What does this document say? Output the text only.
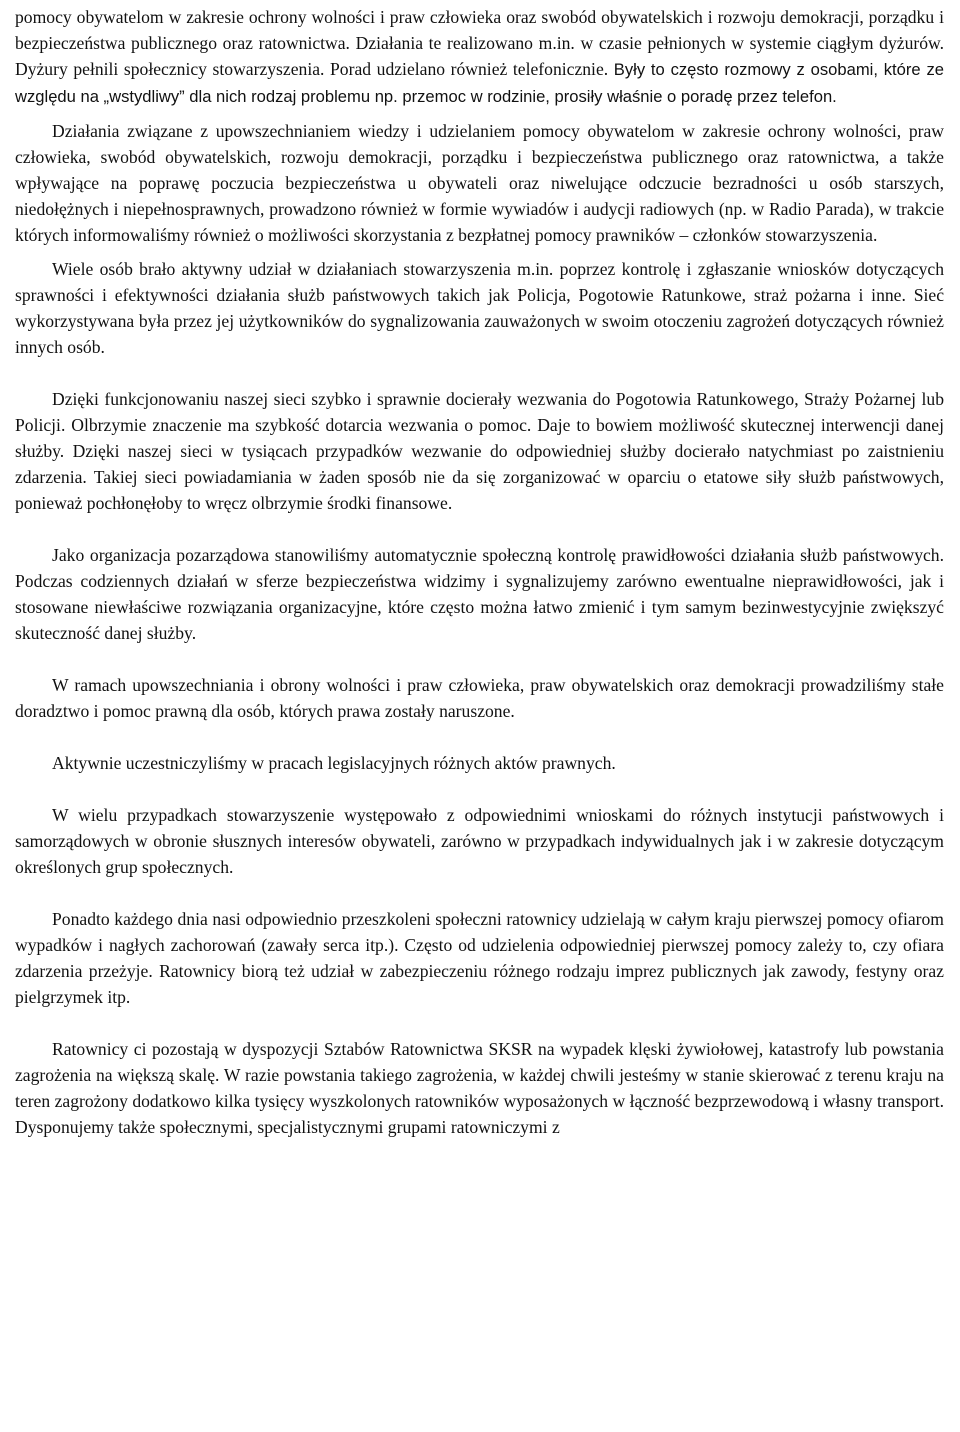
pomocy obywatelom w zakresie ochrony wolności i praw człowieka oraz swobód obywatelskich i rozwoju demokracji, porządku i bezpieczeństwa publicznego oraz ratownictwa. Działania te realizowano m.in. w czasie pełnionych w systemie ciągłym dyżurów. Dyżury pełnili społecznicy stowarzyszenia. Porad udzielano również telefonicznie. Były to często rozmowy z osobami, które ze względu na „wstydliwy” dla nich rodzaj problemu np. przemoc w rodzinie, prosiły właśnie o poradę przez telefon.

Działania związane z upowszechnianiem wiedzy i udzielaniem pomocy obywatelom w zakresie ochrony wolności, praw człowieka, swobód obywatelskich, rozwoju demokracji, porządku i bezpieczeństwa publicznego oraz ratownictwa, a także wpływające na poprawę poczucia bezpieczeństwa u obywateli oraz niwelujące odczucie bezradności u osób starszych, niedołężnych i niepełnosprawnych, prowadzono również w formie wywiadów i audycji radiowych (np. w Radio Parada), w trakcie których informowaliśmy również o możliwości skorzystania z bezpłatnej pomocy prawników – członków stowarzyszenia.

Wiele osób brało aktywny udział w działaniach stowarzyszenia m.in. poprzez kontrolę i zgłaszanie wniosków dotyczących sprawności i efektywności działania służb państwowych takich jak Policja, Pogotowie Ratunkowe, straż pożarna i inne. Sieć wykorzystywana była przez jej użytkowników do sygnalizowania zauważonych w swoim otoczeniu zagrożeń dotyczących również innych osób.

Dzięki funkcjonowaniu naszej sieci szybko i sprawnie docierały wezwania do Pogotowia Ratunkowego, Straży Pożarnej lub Policji. Olbrzymie znaczenie ma szybkość dotarcia wezwania o pomoc. Daje to bowiem możliwość skutecznej interwencji danej służby. Dzięki naszej sieci w tysiącach przypadków wezwanie do odpowiedniej służby docierało natychmiast po zaistnieniu zdarzenia. Takiej sieci powiadamiania w żaden sposób nie da się zorganizować w oparciu o etatowe siły służb państwowych, ponieważ pochłonęłoby to wręcz olbrzymie środki finansowe.

Jako organizacja pozarządowa stanowiliśmy automatycznie społeczną kontrolę prawidłowości działania służb państwowych. Podczas codziennych działań w sferze bezpieczeństwa widzimy i sygnalizujemy zarówno ewentualne nieprawidłowości, jak i stosowane niewłaściwe rozwiązania organizacyjne, które często można łatwo zmienić i tym samym bezinwestycyjnie zwiększyć skuteczność danej służby.

W ramach upowszechniania i obrony wolności i praw człowieka, praw obywatelskich oraz demokracji prowadziliśmy stałe doradztwo i pomoc prawną dla osób, których prawa zostały naruszone.

Aktywnie uczestniczyliśmy w pracach legislacyjnych różnych aktów prawnych.

W wielu przypadkach stowarzyszenie występowało z odpowiednimi wnioskami do różnych instytucji państwowych i samorządowych w obronie słusznych interesów obywateli, zarówno w przypadkach indywidualnych jak i w zakresie dotyczącym określonych grup społecznych.

Ponadto każdego dnia nasi odpowiednio przeszkoleni społeczni ratownicy udzielają w całym kraju pierwszej pomocy ofiarom wypadków i nagłych zachorowań (zawały serca itp.). Często od udzielenia odpowiedniej pierwszej pomocy zależy to, czy ofiara zdarzenia przeżyje. Ratownicy biorą też udział w zabezpieczeniu różnego rodzaju imprez publicznych jak zawody, festyny oraz pielgrzymek itp.

Ratownicy ci pozostają w dyspozycji Sztabów Ratownictwa SKSR na wypadek klęski żywiołowej, katastrofy lub powstania zagrożenia na większą skalę. W razie powstania takiego zagrożenia, w każdej chwili jesteśmy w stanie skierować z terenu kraju na teren zagrożony dodatkowo kilka tysięcy wyszkolonych ratowników wyposażonych w łączność bezprzewodową i własny transport. Dysponujemy także społecznymi, specjalistycznymi grupami ratowniczymi z
